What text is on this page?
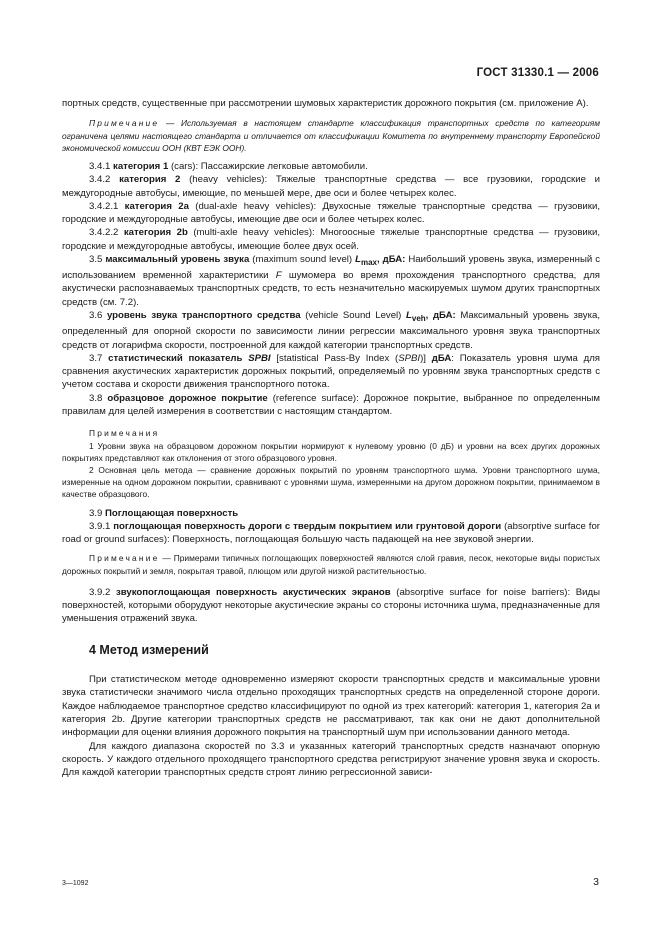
ГОСТ 31330.1 — 2006

портных средств, существенные при рассмотрении шумовых характеристик дорожного покрытия (см. приложение А).

Примечание — Используемая в настоящем стандарте классификация транспортных средств по категориям ограничена целями настоящего стандарта и отличается от классификации Комитета по внутреннему транспорту Европейской экономической комиссии ООН (КВТ ЕЭК ООН).

3.4.1 категория 1 (cars): Пассажирские легковые автомобили.

3.4.2 категория 2 (heavy vehicles): Тяжелые транспортные средства — все грузовики, городские и междугородные автобусы, имеющие, по меньшей мере, две оси и более четырех колес.

3.4.2.1 категория 2а (dual-axle heavy vehicles): Двухосные тяжелые транспортные средства — грузовики, городские и междугородные автобусы, имеющие две оси и более четырех колес.

3.4.2.2 категория 2b (multi-axle heavy vehicles): Многоосные тяжелые транспортные средства — грузовики, городские и междугородные автобусы, имеющие более двух осей.

3.5 максимальный уровень звука (maximum sound level) $L_{max}$, дБА: Наибольший уровень звука, измеренный с использованием временной характеристики F шумомера во время прохождения транспортного средства, для акустически распознаваемых транспортных средств, то есть незначительно маскируемых шумом других транспортных средств (см. 7.2).

3.6 уровень звука транспортного средства (vehicle Sound Level) $L_{veh}$, дБА: Максимальный уровень звука, определенный для опорной скорости по зависимости линии регрессии максимального уровня звука транспортных средств от логарифма скорости, построенной для каждой категории транспортных средств.

3.7 статистический показатель SPBI [statistical Pass-By Index (SPBI)] дБА: Показатель уровня шума для сравнения акустических характеристик дорожных покрытий, определяемый по уровням звука транспортных средств с учетом состава и скорости движения транспортного потока.

3.8 образцовое дорожное покрытие (reference surface): Дорожное покрытие, выбранное по определенным правилам для целей измерения в соответствии с настоящим стандартом.

Примечания

1 Уровни звука на образцовом дорожном покрытии нормируют к нулевому уровню (0 дБ) и уровни на всех других дорожных покрытиях представляют как отклонения от этого образцового уровня.

2 Основная цель метода — сравнение дорожных покрытий по уровням транспортного шума. Уровни транспортного шума, измеренные на одном дорожном покрытии, сравнивают с уровнями шума, измеренными на другом дорожном покрытии, принимаемом в качестве образцового.

3.9 Поглощающая поверхность

3.9.1 поглощающая поверхность дороги с твердым покрытием или грунтовой дороги (absorptive surface for road or ground surfaces): Поверхность, поглощающая большую часть падающей на нее звуковой энергии.

Примечание — Примерами типичных поглощающих поверхностей являются слой гравия, песок, некоторые виды пористых дорожных покрытий и земля, покрытая травой, плющом или другой низкой растительностью.

3.9.2 звукопоглощающая поверхность акустических экранов (absorptive surface for noise barriers): Виды поверхностей, которыми оборудуют некоторые акустические экраны со стороны источника шума, предназначенные для уменьшения отражений звука.

4 Метод измерений

При статистическом методе одновременно измеряют скорости транспортных средств и максимальные уровни звука статистически значимого числа отдельно проходящих транспортных средств на определенной стороне дороги. Каждое наблюдаемое транспортное средство классифицируют по одной из трех категорий: категория 1, категория 2а и категория 2b. Другие категории транспортных средств не рассматривают, так как они не дают дополнительной информации для оценки влияния дорожного покрытия на транспортный шум при использовании данного метода.

Для каждого диапазона скоростей по 3.3 и указанных категорий транспортных средств назначают опорную скорость. У каждого отдельного проходящего транспортного средства регистрируют значение уровня звука и скорость. Для каждой категории транспортных средств строят линию регрессионной зависи-

3—1092	3
